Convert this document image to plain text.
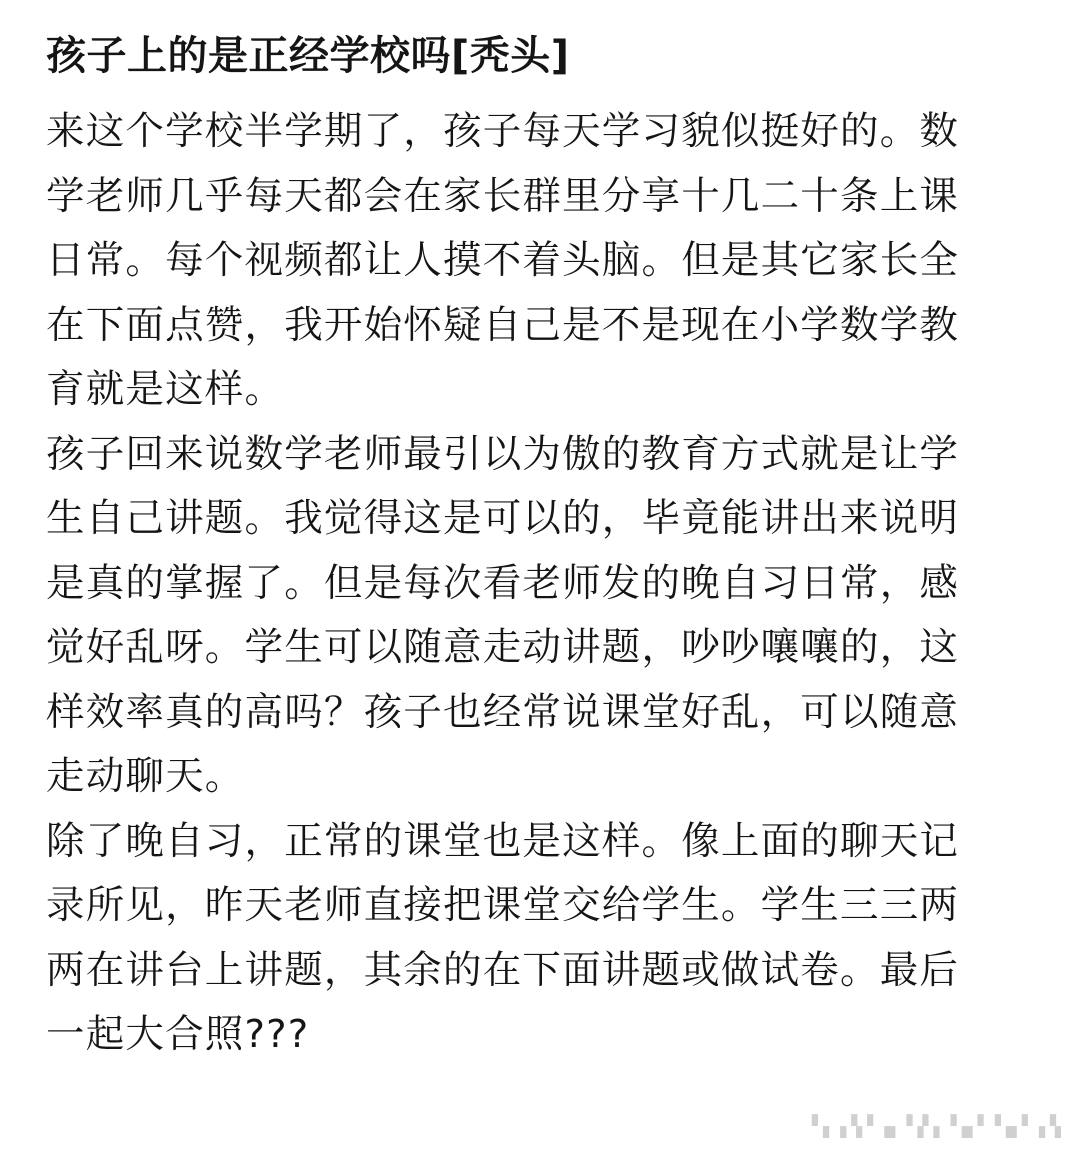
孩子上的是正经学校吗[秃头]

来这个学校半学期了，孩子每天学习貌似挺好的。数
学老师几乎每天都会在家长群里分享十几二十条上课
日常。每个视频都让人摸不着头脑。但是其它家长全
在下面点赞，我开始怀疑自己是不是现在小学数学教
育就是这样。

孩子回来说数学老师最引以为傲的教育方式就是让学
生自己讲题。我觉得这是可以的，毕竟能讲出来说明
是真的掌握了。但是每次看老师发的晚自习日常，感
觉好乱呀。学生可以随意走动讲题，吵吵嚷嚷的，这
样效率真的高吗？孩子也经常说课堂好乱，可以随意
走动聊天。

除了晚自习，正常的课堂也是这样。像上面的聊天记
录所见，昨天老师直接把课堂交给学生。学生三三两
两在讲台上讲题，其余的在下面讲题或做试卷。最后
一起大合照???

▘▖▗▝▖▘▗▖▝▗▘▖▝▗▖▘▝▗▖▘▗▝▖
